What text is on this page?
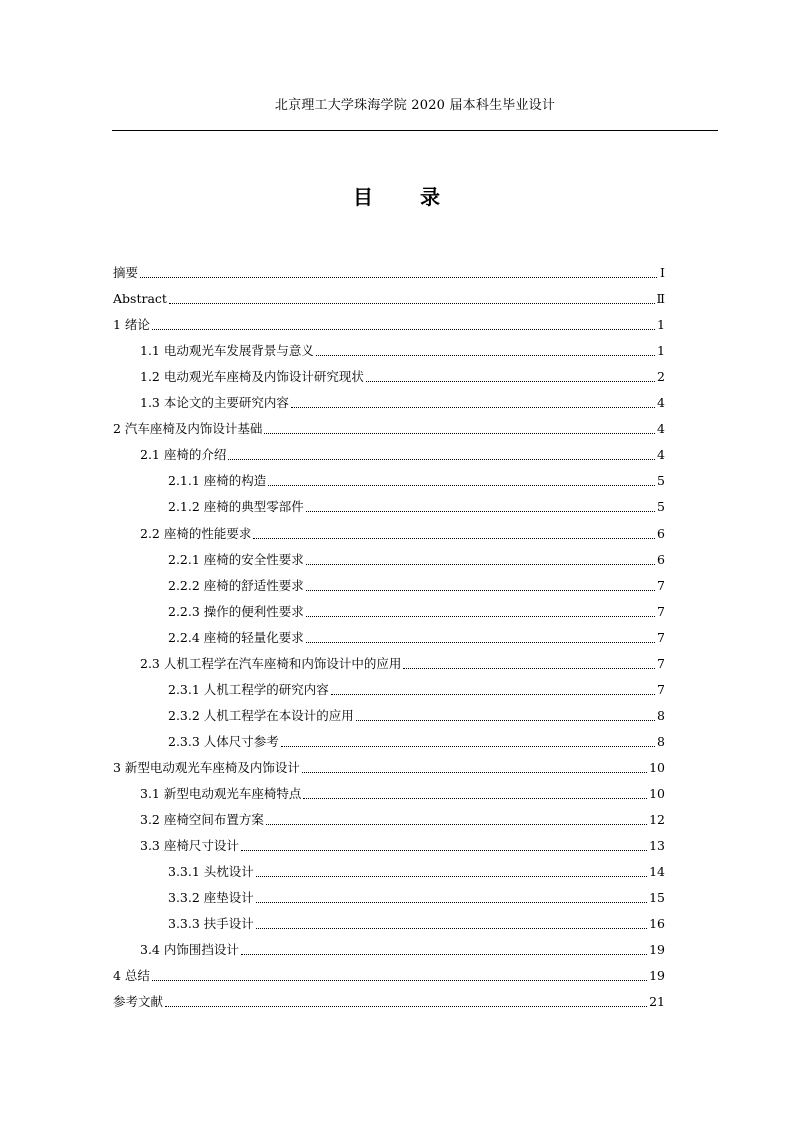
北京理工大学珠海学院 2020 届本科生毕业设计
目 录
摘要	Ⅰ
Abstract	Ⅱ
1 绪论	1
1.1 电动观光车发展背景与意义	1
1.2 电动观光车座椅及内饰设计研究现状	2
1.3 本论文的主要研究内容	4
2 汽车座椅及内饰设计基础	4
2.1 座椅的介绍	4
2.1.1 座椅的构造	5
2.1.2 座椅的典型零部件	5
2.2 座椅的性能要求	6
2.2.1 座椅的安全性要求	6
2.2.2 座椅的舒适性要求	7
2.2.3 操作的便利性要求	7
2.2.4 座椅的轻量化要求	7
2.3 人机工程学在汽车座椅和内饰设计中的应用	7
2.3.1 人机工程学的研究内容	7
2.3.2 人机工程学在本设计的应用	8
2.3.3 人体尺寸参考	8
3 新型电动观光车座椅及内饰设计	10
3.1 新型电动观光车座椅特点	10
3.2 座椅空间布置方案	12
3.3 座椅尺寸设计	13
3.3.1 头枕设计	14
3.3.2 座垫设计	15
3.3.3 扶手设计	16
3.4 内饰围挡设计	19
4 总结	19
参考文献	21
